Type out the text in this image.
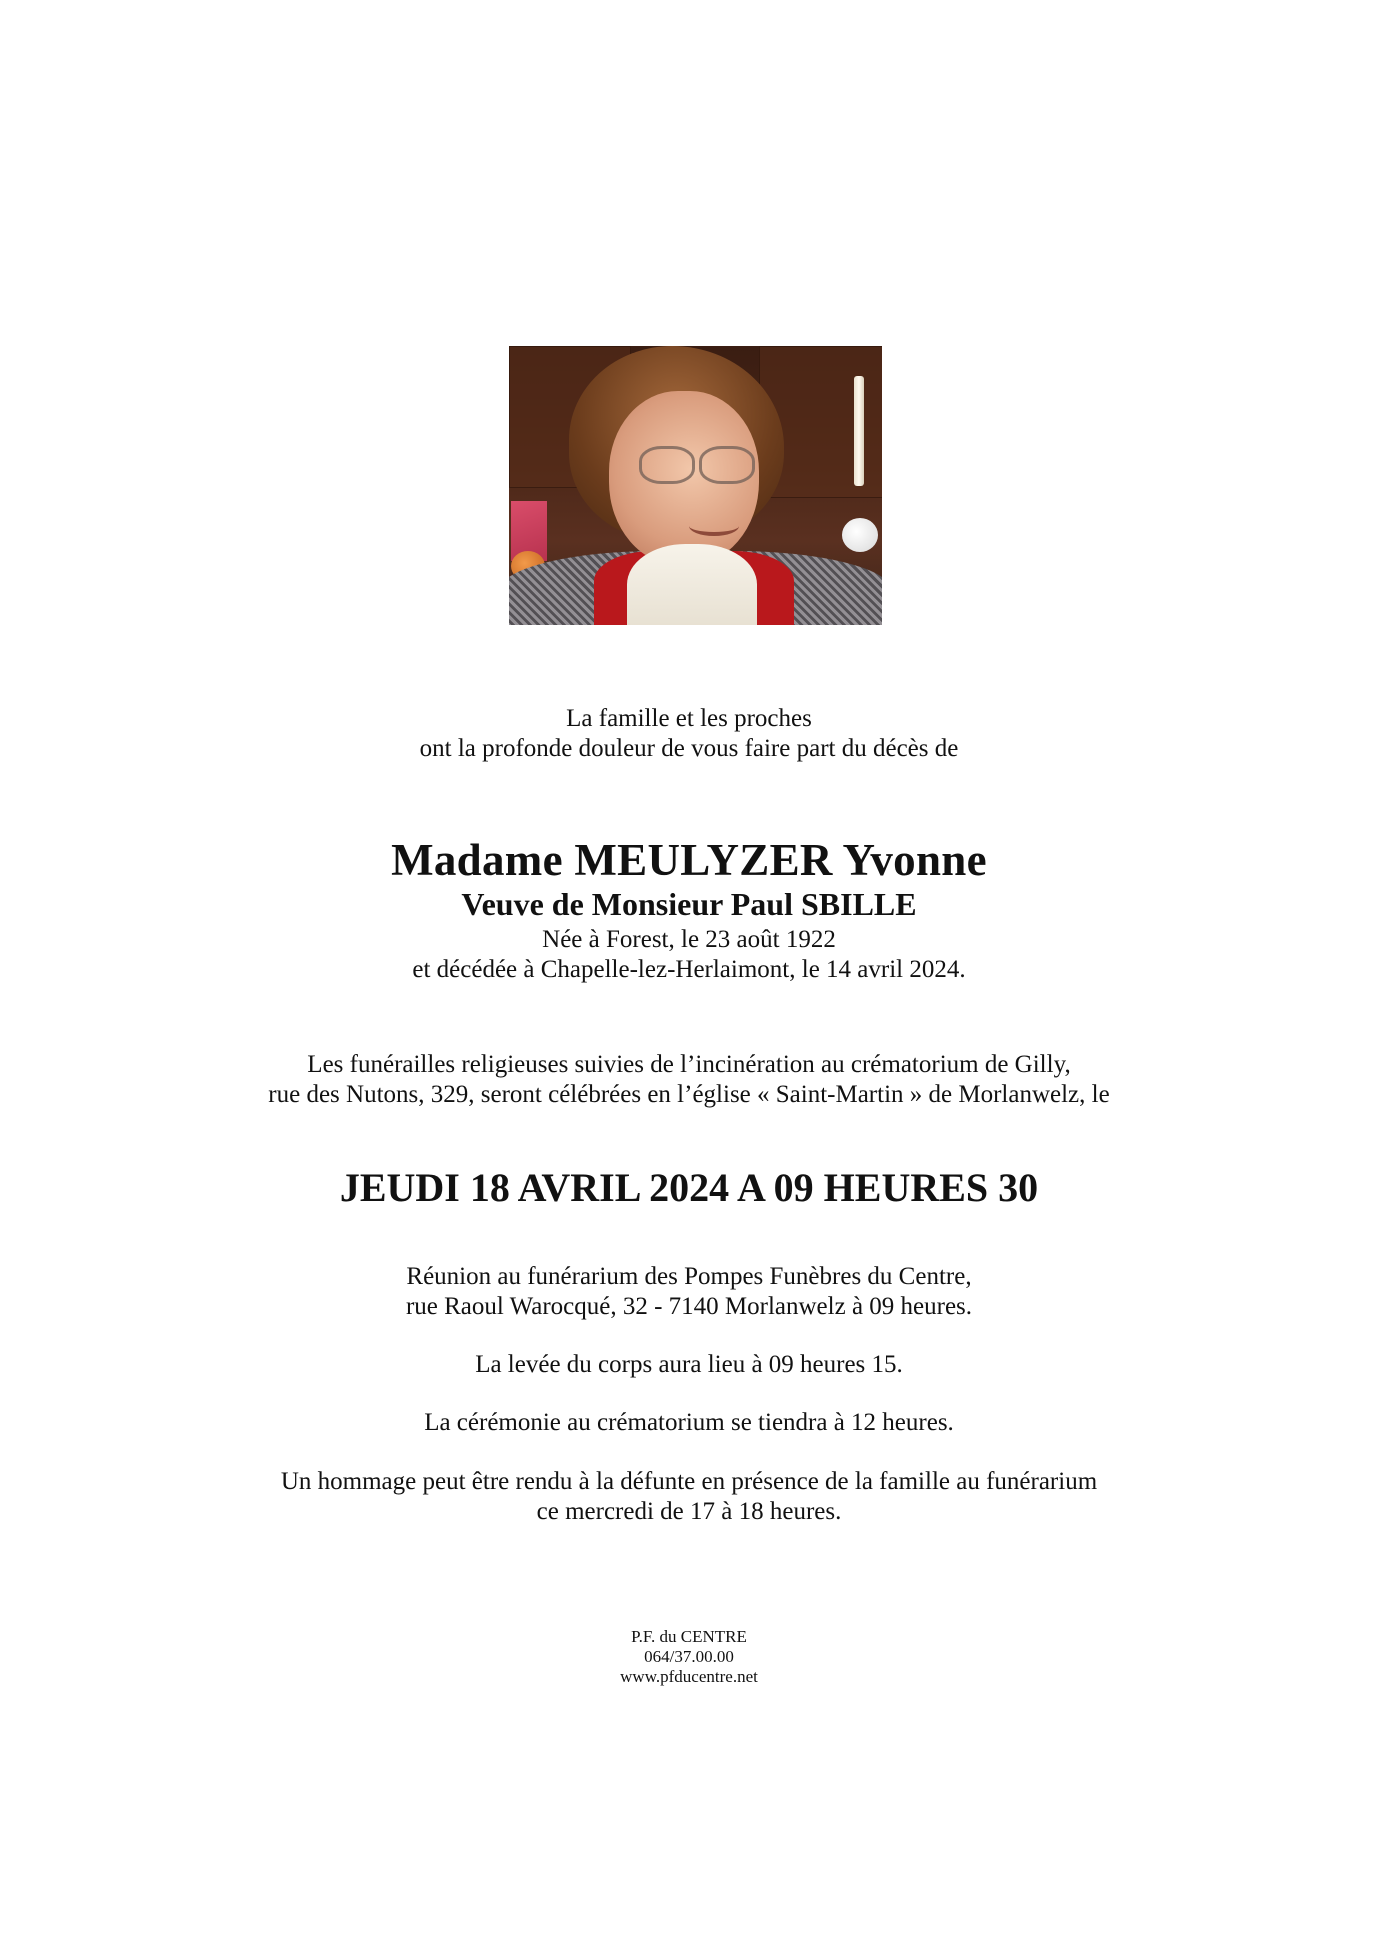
La famille et les proches
ont la profonde douleur de vous faire part du décès de
Madame MEULYZER Yvonne
Veuve de Monsieur Paul SBILLE
Née à Forest, le 23 août 1922
et décédée à Chapelle-lez-Herlaimont, le 14 avril 2024.
Les funérailles religieuses suivies de l’incinération au crématorium de Gilly,
rue des Nutons, 329, seront célébrées en l’église « Saint-Martin » de Morlanwelz, le
JEUDI 18 AVRIL 2024 A 09 HEURES 30
Réunion au funérarium des Pompes Funèbres du Centre,
rue Raoul Warocqué, 32 - 7140 Morlanwelz à 09 heures.
La levée du corps aura lieu à 09 heures 15.
La cérémonie au crématorium se tiendra à 12 heures.
Un hommage peut être rendu à la défunte en présence de la famille au funérarium
ce mercredi de 17 à 18 heures.
P.F. du CENTRE
064/37.00.00
www.pfducentre.net
